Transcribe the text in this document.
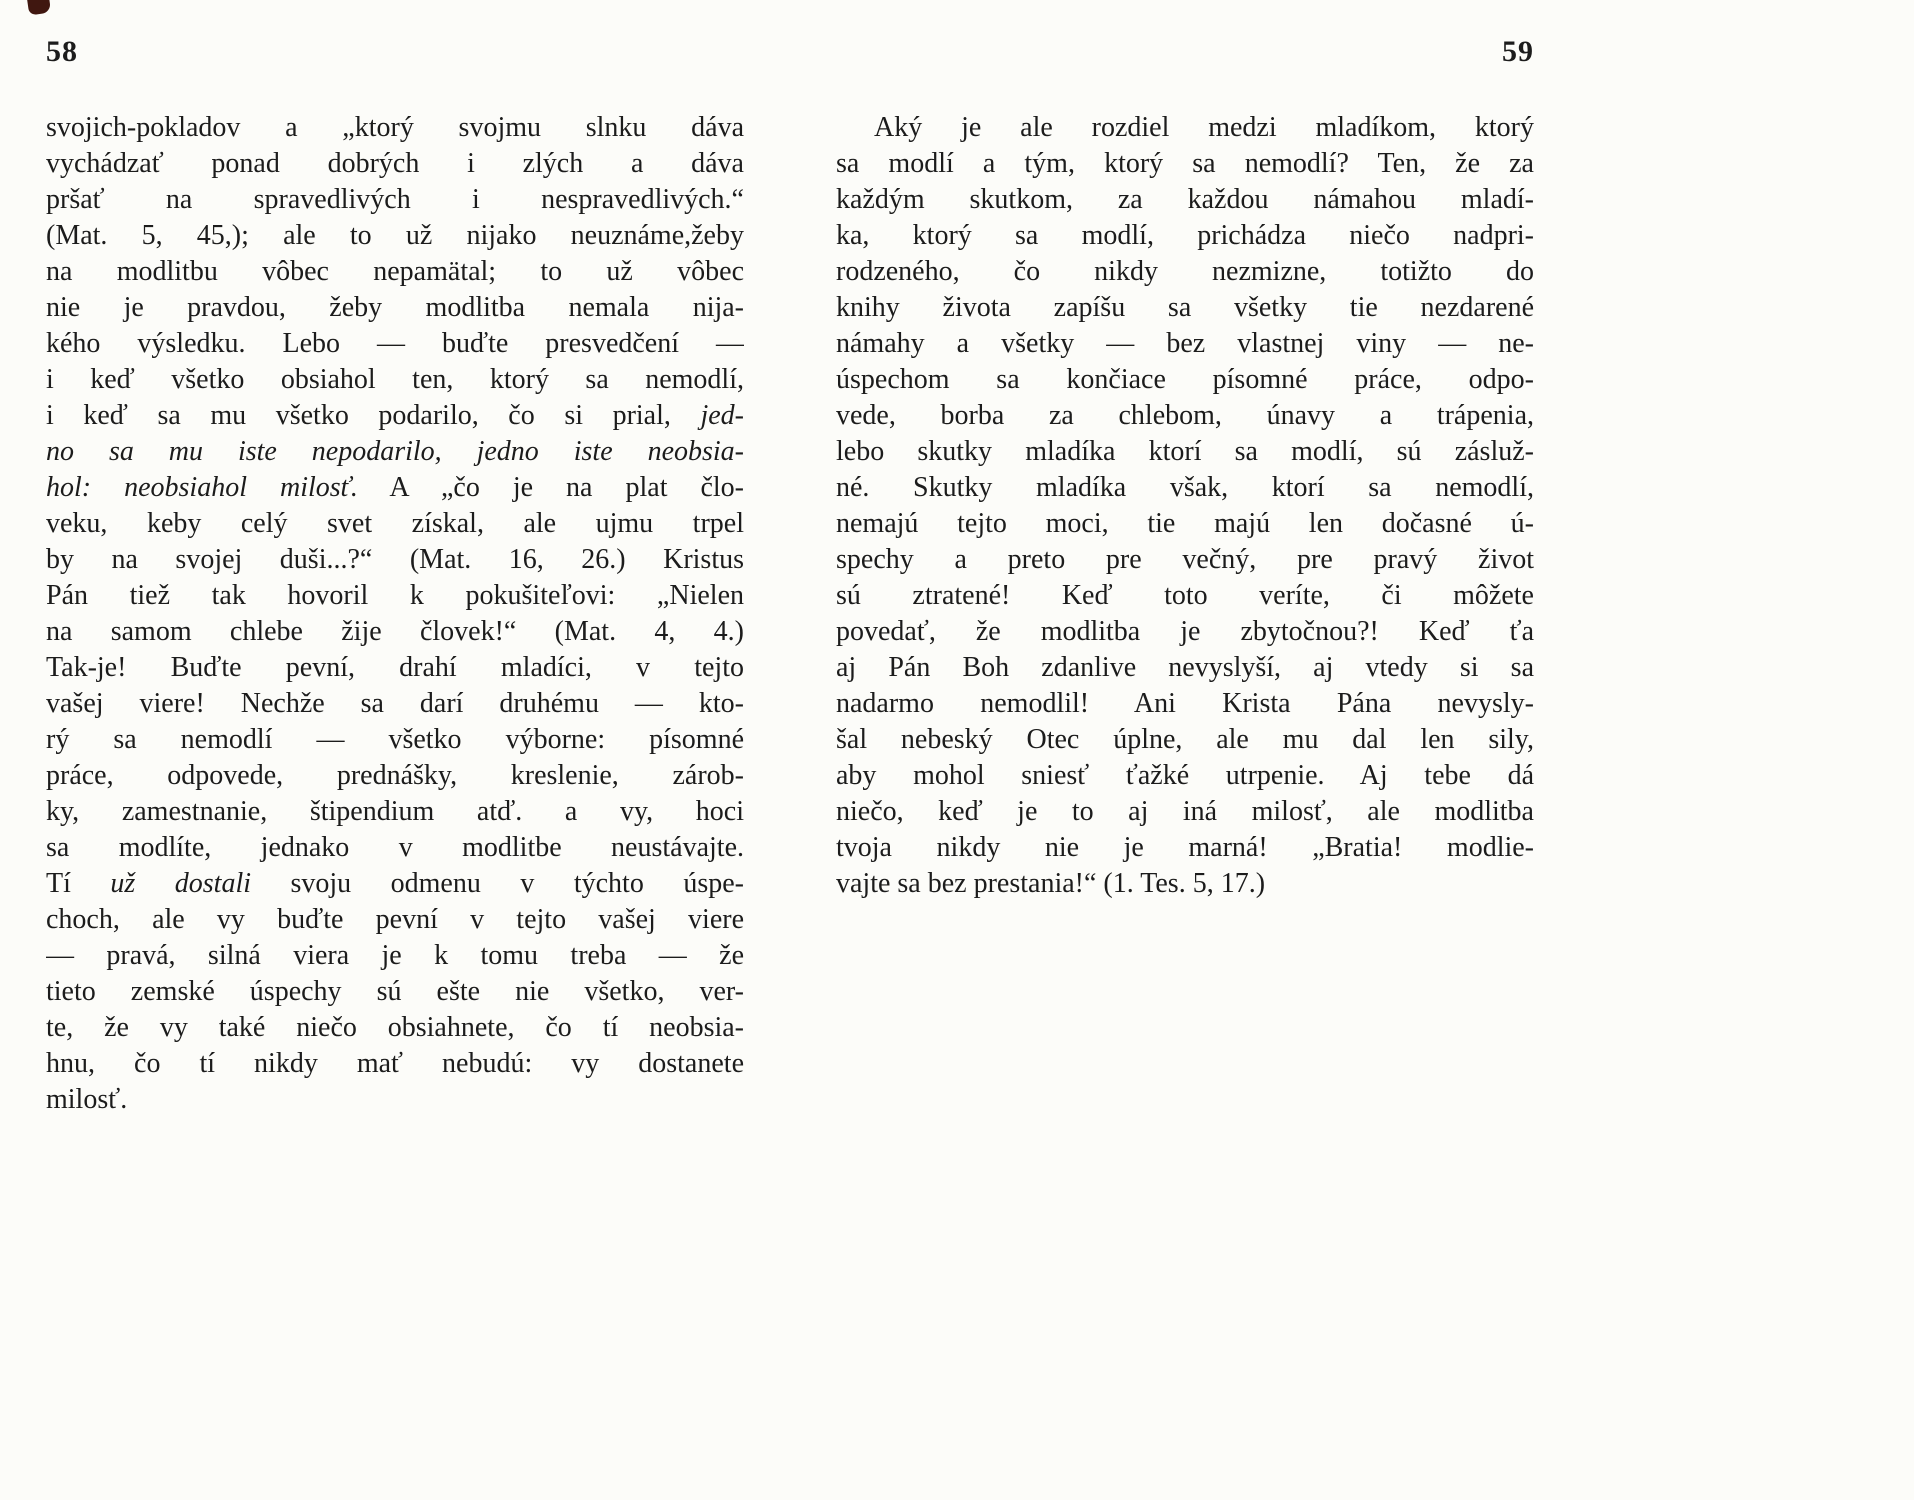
58
svojich-pokladov a „ktorý svojmu slnku dáva
vychádzať ponad dobrých i zlých a dáva
pršať na spravedlivých i nespravedlivých.“
(Mat. 5, 45,); ale to už nijako neuznáme,žeby
na modlitbu vôbec nepamätal; to už vôbec
nie je pravdou, žeby modlitba nemala nija-
kého výsledku. Lebo — buďte presvedčení —
i keď všetko obsiahol ten, ktorý sa nemodlí,
i keď sa mu všetko podarilo, čo si prial, jed-
no sa mu iste nepodarilo, jedno iste neobsia-
hol: neobsiahol milosť. A „čo je na plat člo-
veku, keby celý svet získal, ale ujmu trpel
by na svojej duši...?“ (Mat. 16, 26.) Kristus
Pán tiež tak hovoril k pokušiteľovi: „Nielen
na samom chlebe žije človek!“ (Mat. 4, 4.)
Tak-je! Buďte pevní, drahí mladíci, v tejto
vašej viere! Nechže sa darí druhému — kto-
rý sa nemodlí — všetko výborne: písomné
práce, odpovede, prednášky, kreslenie, zárob-
ky, zamestnanie, štipendium atď. a vy, hoci
sa modlíte, jednako v modlitbe neustávajte.
Tí už dostali svoju odmenu v týchto úspe-
choch, ale vy buďte pevní v tejto vašej viere
— pravá, silná viera je k tomu treba — že
tieto zemské úspechy sú ešte nie všetko, ver-
te, že vy také niečo obsiahnete, čo tí neobsia-
hnu, čo tí nikdy mať nebudú: vy dostanete
milosť.
59
Aký je ale rozdiel medzi mladíkom, ktorý
sa modlí a tým, ktorý sa nemodlí? Ten, že za
každým skutkom, za každou námahou mladí-
ka, ktorý sa modlí, prichádza niečo nadpri-
rodzeného, čo nikdy nezmizne, totižto do
knihy života zapíšu sa všetky tie nezdarené
námahy a všetky — bez vlastnej viny — ne-
úspechom sa končiace písomné práce, odpo-
vede, borba za chlebom, únavy a trápenia,
lebo skutky mladíka ktorí sa modlí, sú zásluž-
né. Skutky mladíka však, ktorí sa nemodlí,
nemajú tejto moci, tie majú len dočasné ú-
spechy a preto pre večný, pre pravý život
sú ztratené! Keď toto veríte, či môžete
povedať, že modlitba je zbytočnou?! Keď ťa
aj Pán Boh zdanlive nevyslyší, aj vtedy si sa
nadarmo nemodlil! Ani Krista Pána nevysly-
šal nebeský Otec úplne, ale mu dal len sily,
aby mohol sniesť ťažké utrpenie. Aj tebe dá
niečo, keď je to aj iná milosť, ale modlitba
tvoja nikdy nie je marná! „Bratia! modlie-
vajte sa bez prestania!“ (1. Tes. 5, 17.)
